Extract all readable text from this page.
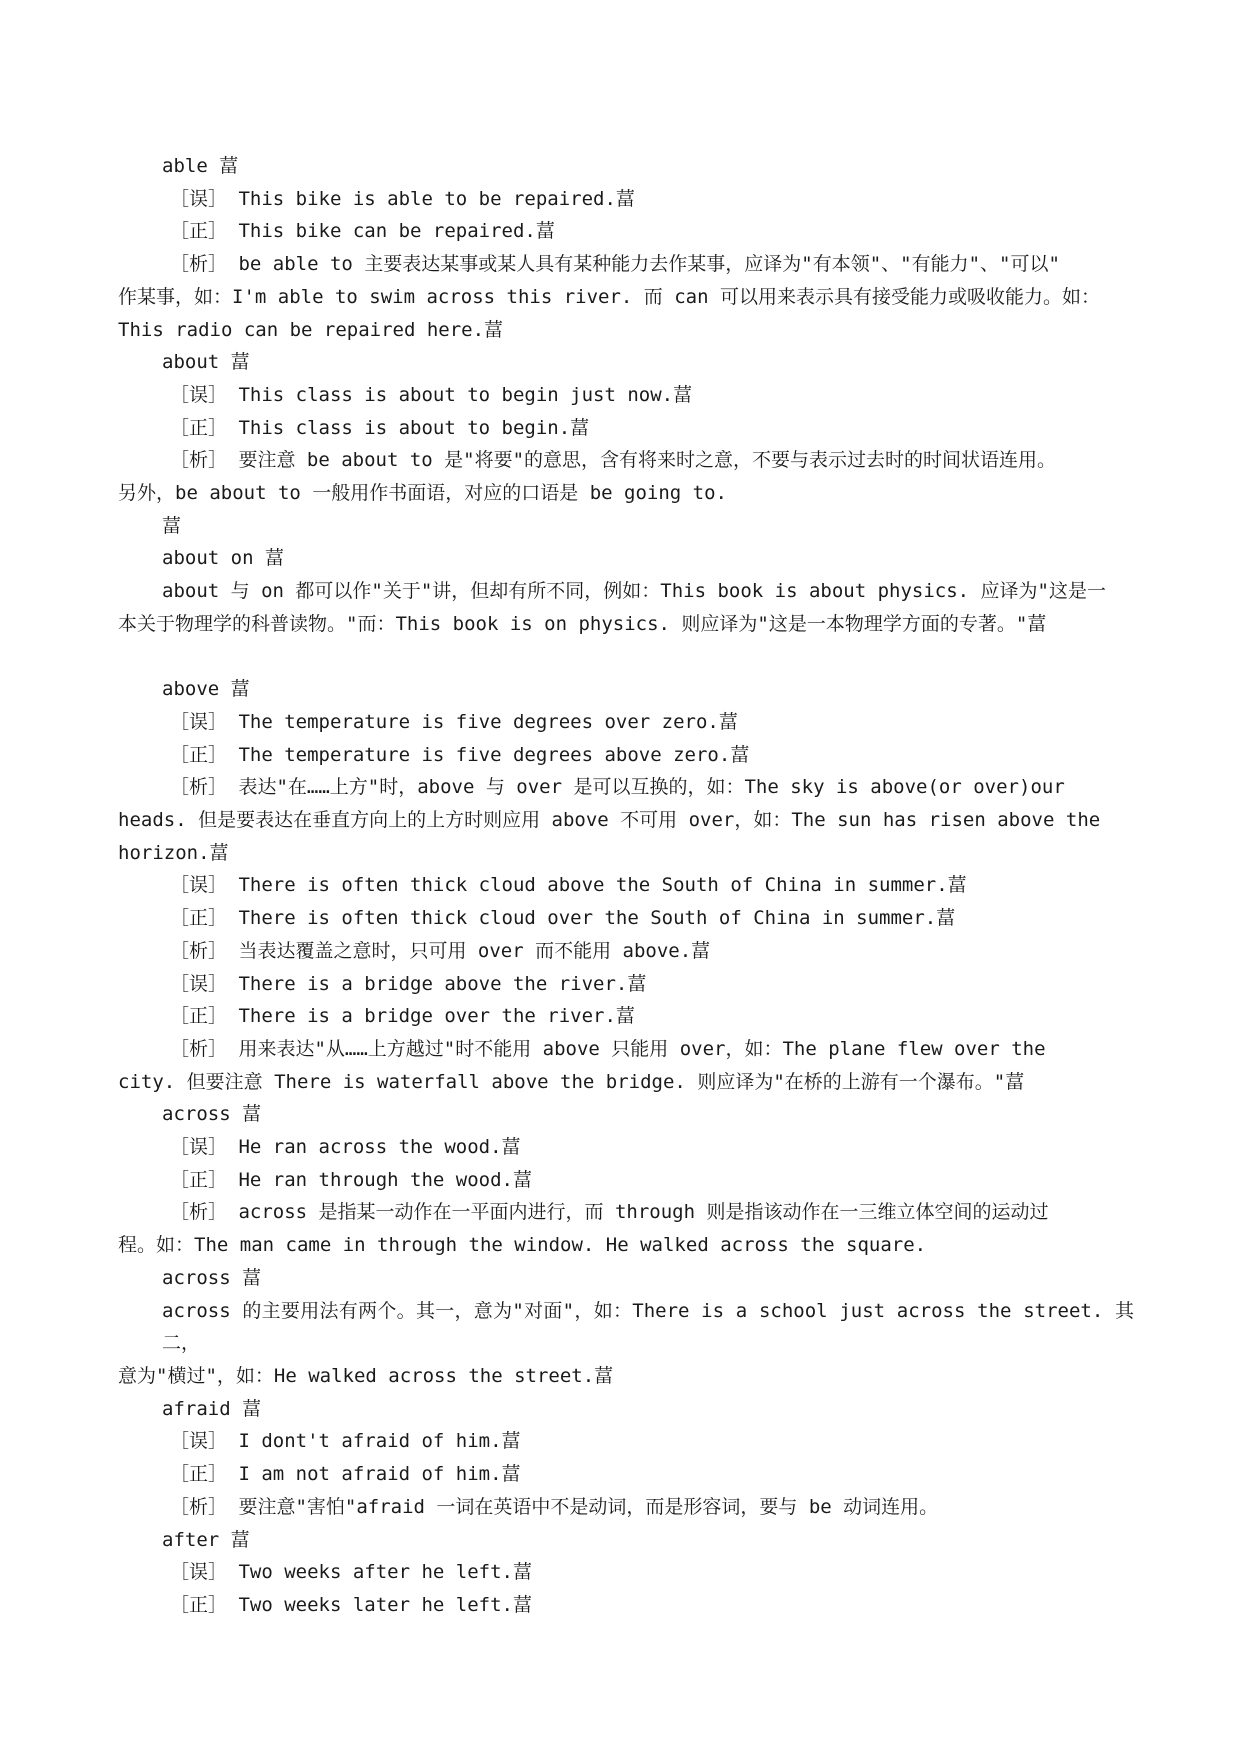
able 葍
［误］ This bike is able to be repaired.葍
［正］ This bike can be repaired.葍
［析］ be able to 主要表达某事或某人具有某种能力去作某事，应译为"有本领"、"有能力"、"可以"
作某事，如：I'm able to swim across this river. 而 can 可以用来表示具有接受能力或吸收能力。如：
This radio can be repaired here.葍
about 葍
［误］ This class is about to begin just now.葍
［正］ This class is about to begin.葍
［析］ 要注意 be about to 是"将要"的意思，含有将来时之意，不要与表示过去时的时间状语连用。
另外，be about to 一般用作书面语，对应的口语是 be going to.
葍
about on 葍
about 与 on 都可以作"关于"讲，但却有所不同，例如：This book is about physics. 应译为"这是一
本关于物理学的科普读物。"而：This book is on physics. 则应译为"这是一本物理学方面的专著。"葍
above 葍
［误］ The temperature is five degrees over zero.葍
［正］ The temperature is five degrees above zero.葍
［析］ 表达"在……上方"时，above 与 over 是可以互换的，如：The sky is above(or over)our
heads. 但是要表达在垂直方向上的上方时则应用 above 不可用 over，如：The sun has risen above the
horizon.葍
［误］ There is often thick cloud above the South of China in summer.葍
［正］ There is often thick cloud over the South of China in summer.葍
［析］ 当表达覆盖之意时，只可用 over 而不能用 above.葍
［误］ There is a bridge above the river.葍
［正］ There is a bridge over the river.葍
［析］ 用来表达"从……上方越过"时不能用 above 只能用 over，如：The plane flew over the
city. 但要注意 There is waterfall above the bridge. 则应译为"在桥的上游有一个瀑布。"葍
across 葍
［误］ He ran across the wood.葍
［正］ He ran through the wood.葍
［析］ across 是指某一动作在一平面内进行，而 through 则是指该动作在一三维立体空间的运动过
程。如：The man came in through the window. He walked across the square.
across 葍
across 的主要用法有两个。其一，意为"对面"，如：There is a school just across the street. 其二，
意为"横过"，如：He walked across the street.葍
afraid 葍
［误］ I dont't afraid of him.葍
［正］ I am not afraid of him.葍
［析］ 要注意"害怕"afraid 一词在英语中不是动词，而是形容词，要与 be 动词连用。
after 葍
［误］ Two weeks after he left.葍
［正］ Two weeks later he left.葍
